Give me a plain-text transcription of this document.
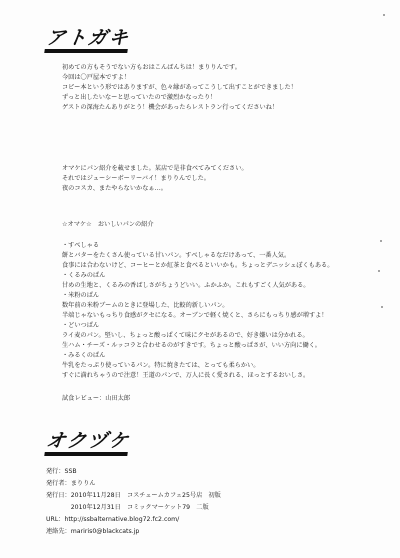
アトガキ
初めての方もそうでない方もおはこんばんちは！まりりんです。
今回は〇戸屋本ですよ！
コピー本という形ではありますが、色々縁があってこうして出すことができました！
ずっと出したいなーと思っていたので激烈かなったり！
ゲストの深海たんありがとう！機会があったらレストラン行ってくださいね！
オマケにパン紹介を載せました。某店で是非食べてみてください。
それではジューシーボーリーバイ！まりりんでした。
夜のコスカ、またやらないかなぁ…。
☆オマケ☆　おいしいパンの紹介
・すべしゃる
餅とバターをたくさん使っている甘いパン。すべしゃるなだけあって、一番人気。
食事には合わないけど、コーヒーとか紅茶と食べるといいかも。ちょっとデニッシュぽくもある。
・くるみのぱん
甘めの生地と、くるみの香ばしさがちょうどいい。ふかふか。これもすごく人気がある。
・米粉のぱん
数年前の米粉ブームのときに登場した、比較的新しいパン。
半端じゃないもっちり食感がクセになる。オーブンで軽く焼くと、さらにもっちり感が増すよ！
・どいつぱん
ライ麦のパン。堅いし、ちょっと酸っぱくて味にクセがあるので、好き嫌いは分かれる。
生ハム・チーズ・ルッコラと合わせるのがすきです。ちょっと酸っぱさが、いい方向に働く。
・みるくのぱん
牛乳をたっぷり使っているパン。特に焼きたては、とっても柔らかい。
すぐに満れちゃうので注意！王道のパンで、万人に長く愛される、ほっとするおいしさ。
試食レビュー：山田太郎
オクヅケ
発行：SSB
発行者：まりりん
発行日：2010年11月28日　コスチュームカフェ25号店　初版
　　　　2010年12月31日　コミックマーケット79　二版
URL：http://ssbalternative.blog72.fc2.com/
連絡先：mariris0@blackcats.jp
